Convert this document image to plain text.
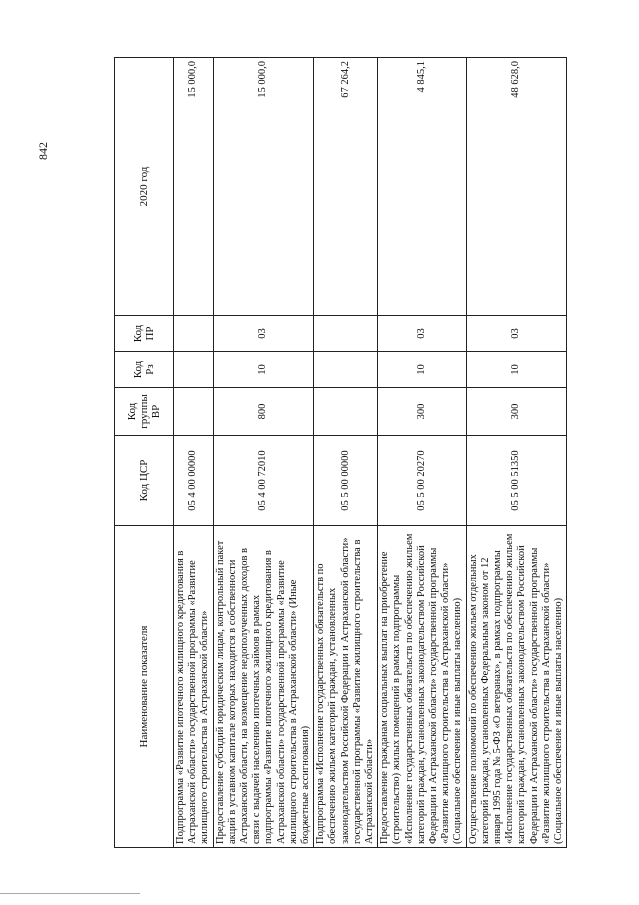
842
Наименование показателя	Код ЦСР	Код группы ВР	Код Рз	Код ПР	2020 год
Подпрограмма «Развитие ипотечного жилищного кредитования в Астраханской области» государственной программы «Развитие жилищного строительства в Астраханской области»	05 4 00 00000				15 000,0
Предоставление субсидий юридическим лицам, контрольный пакет акций в уставном капитале которых находится в собственности Астраханской области, на возмещение недополученных доходов в связи с выдачей населению ипотечных займов в рамках подпрограммы «Развитие ипотечного жилищного кредитования в Астраханской области» государственной программы «Развитие жилищного строительства в Астраханской области» (Иные бюджетные ассигнования)	05 4 00 72010	800	10	03	15 000,0
Подпрограмма «Исполнение государственных обязательств по обеспечению жильем категорий граждан, установленных законодательством Российской Федерации и Астраханской области» государственной программы «Развитие жилищного строительства в Астраханской области»	05 5 00 00000				67 264,2
Предоставление гражданам социальных выплат на приобретение (строительство) жилых помещений в рамках подпрограммы «Исполнение государственных обязательств по обеспечению жильем категорий граждан, установленных законодательством Российской Федерации и Астраханской области» государственной программы «Развитие жилищного строительства в Астраханской области» (Социальное обеспечение и иные выплаты населению)	05 5 00 20270	300	10	03	4 845,1
Осуществление полномочий по обеспечению жильем отдельных категорий граждан, установленных Федеральным законом от 12 января 1995 года № 5-ФЗ «О ветеранах», в рамках подпрограммы «Исполнение государственных обязательств по обеспечению жильем категорий граждан, установленных законодательством Российской Федерации и Астраханской области» государственной программы «Развитие жилищного строительства в Астраханской области» (Социальное обеспечение и иные выплаты населению)	05 5 00 51350	300	10	03	48 628,0
